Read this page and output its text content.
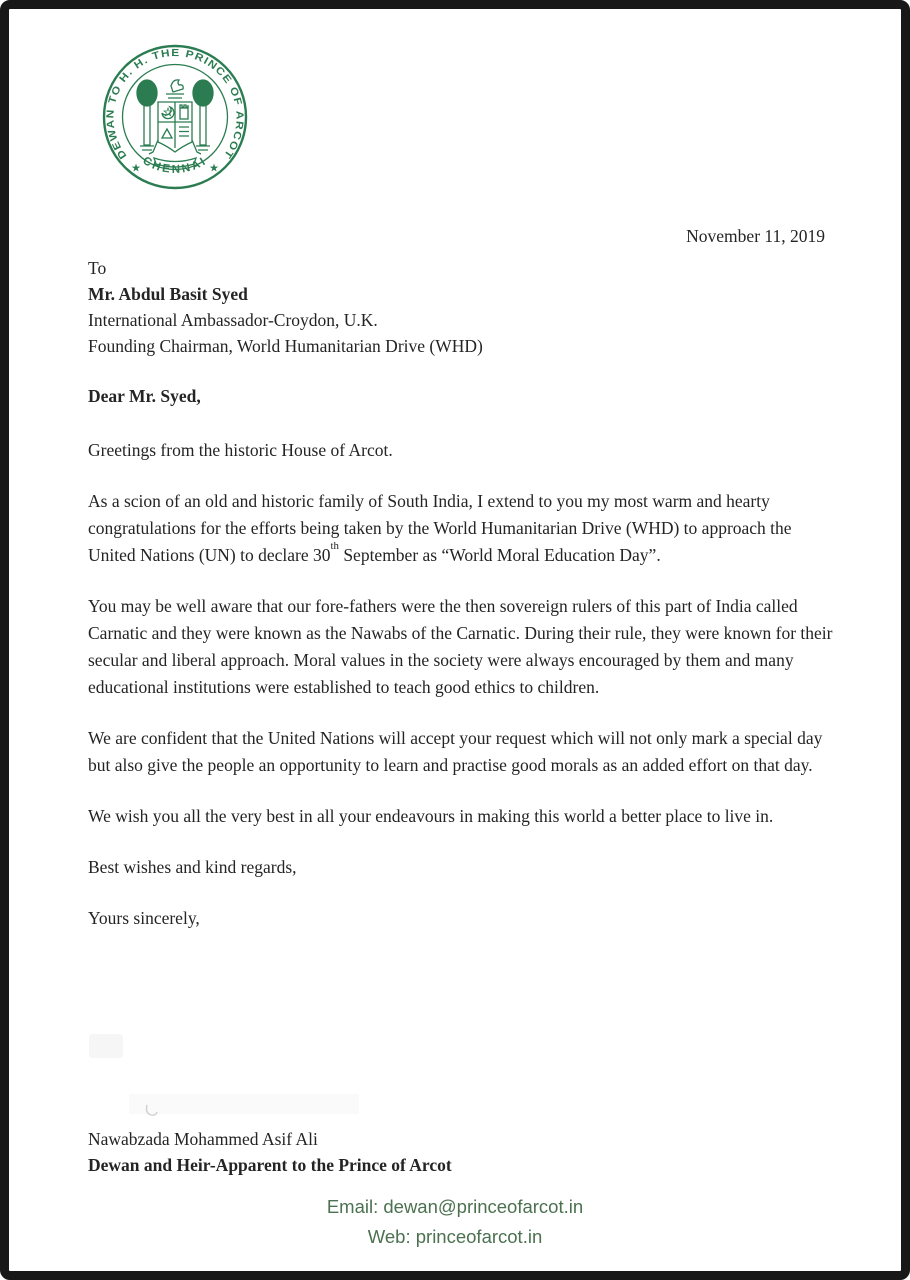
DEWAN TO H. H. THE PRINCE OF ARCOT
CHENNAI
★	★
November 11, 2019
To
Mr. Abdul Basit Syed
International Ambassador-Croydon, U.K.
Founding Chairman, World Humanitarian Drive (WHD)
Dear Mr. Syed,

Greetings from the historic House of Arcot.

As a scion of an old and historic family of South India, I extend to you my most warm and hearty congratulations for the efforts being taken by the World Humanitarian Drive (WHD) to approach the United Nations (UN) to declare 30th September as “World Moral Education Day”.

You may be well aware that our fore-fathers were the then sovereign rulers of this part of India called Carnatic and they were known as the Nawabs of the Carnatic. During their rule, they were known for their secular and liberal approach. Moral values in the society were always encouraged by them and many educational institutions were established to teach good ethics to children.

We are confident that the United Nations will accept your request which will not only mark a special day but also give the people an opportunity to learn and practise good morals as an added effort on that day.

We wish you all the very best in all your endeavours in making this world a better place to live in.

Best wishes and kind regards,

Yours sincerely,

Nawabzada Mohammed Asif Ali
Dewan and Heir-Apparent to the Prince of Arcot
Email: dewan@princeofarcot.in
Web: princeofarcot.in
